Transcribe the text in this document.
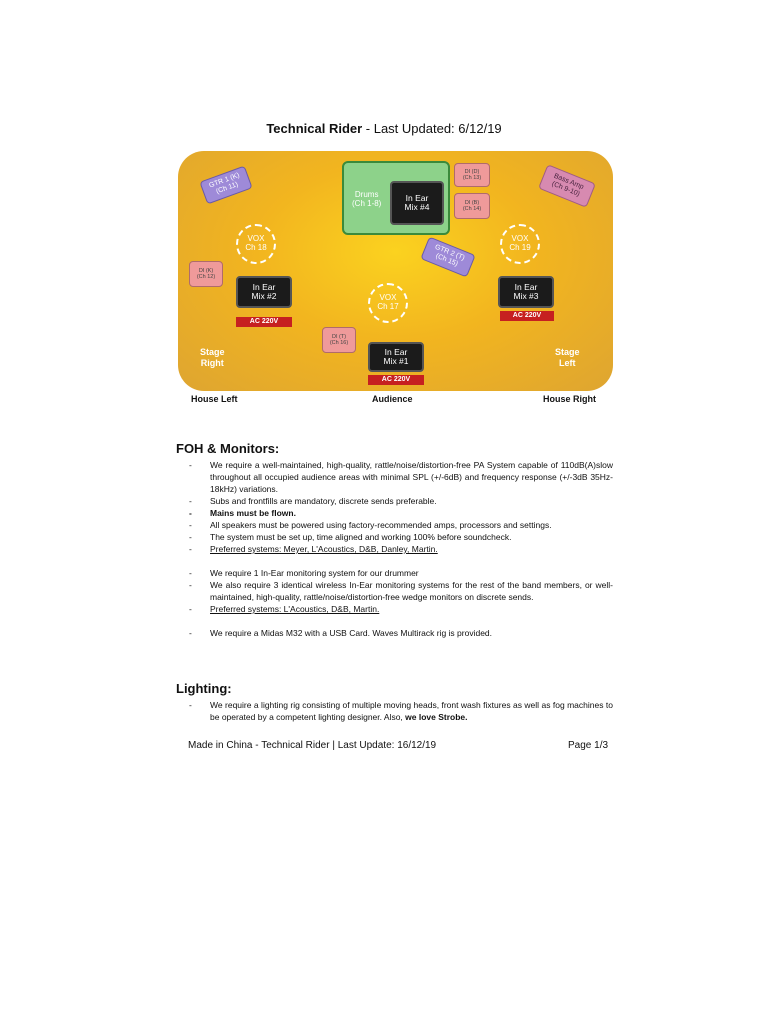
Technical Rider - Last Updated: 6/12/19
GTR 1 (K)
(Ch 11)	Drums
(Ch 1-8)
In Ear
Mix #4
DI (D)
(Ch 13)
DI (B)
(Ch 14)
Bass Amp
(Ch 9-10)
VOX
Ch 18
VOX
Ch 19
VOX
Ch 17
GTR 2 (T)
(Ch 15)
DI (K)
(Ch 12)
In Ear
Mix #2
AC 220V
In Ear
Mix #3
AC 220V
DI (T)
(Ch 16)
In Ear
Mix #1
AC 220V
Stage
Right
Stage
Left
House Left	Audience	House Right
FOH & Monitors:
- We require a well-maintained, high-quality, rattle/noise/distortion-free PA System capable of 110dB(A)slow throughout all occupied audience areas with minimal SPL (+/-6dB) and frequency response (+/-3dB 35Hz-18kHz) variations.
- Subs and frontfills are mandatory, discrete sends preferable.
- Mains must be flown.
- All speakers must be powered using factory-recommended amps, processors and settings.
- The system must be set up, time aligned and working 100% before soundcheck.
- Preferred systems: Meyer, L'Acoustics, D&B, Danley, Martin.
- We require 1 In-Ear monitoring system for our drummer
- We also require 3 identical wireless In-Ear monitoring systems for the rest of the band members, or well-maintained, high-quality, rattle/noise/distortion-free wedge monitors on discrete sends.
- Preferred systems: L'Acoustics, D&B, Martin.
- We require a Midas M32 with a USB Card. Waves Multirack rig is provided.
Lighting:
- We require a lighting rig consisting of multiple moving heads, front wash fixtures as well as fog machines to be operated by a competent lighting designer. Also, we love Strobe.
Made in China - Technical Rider | Last Update: 16/12/19	Page 1/3
